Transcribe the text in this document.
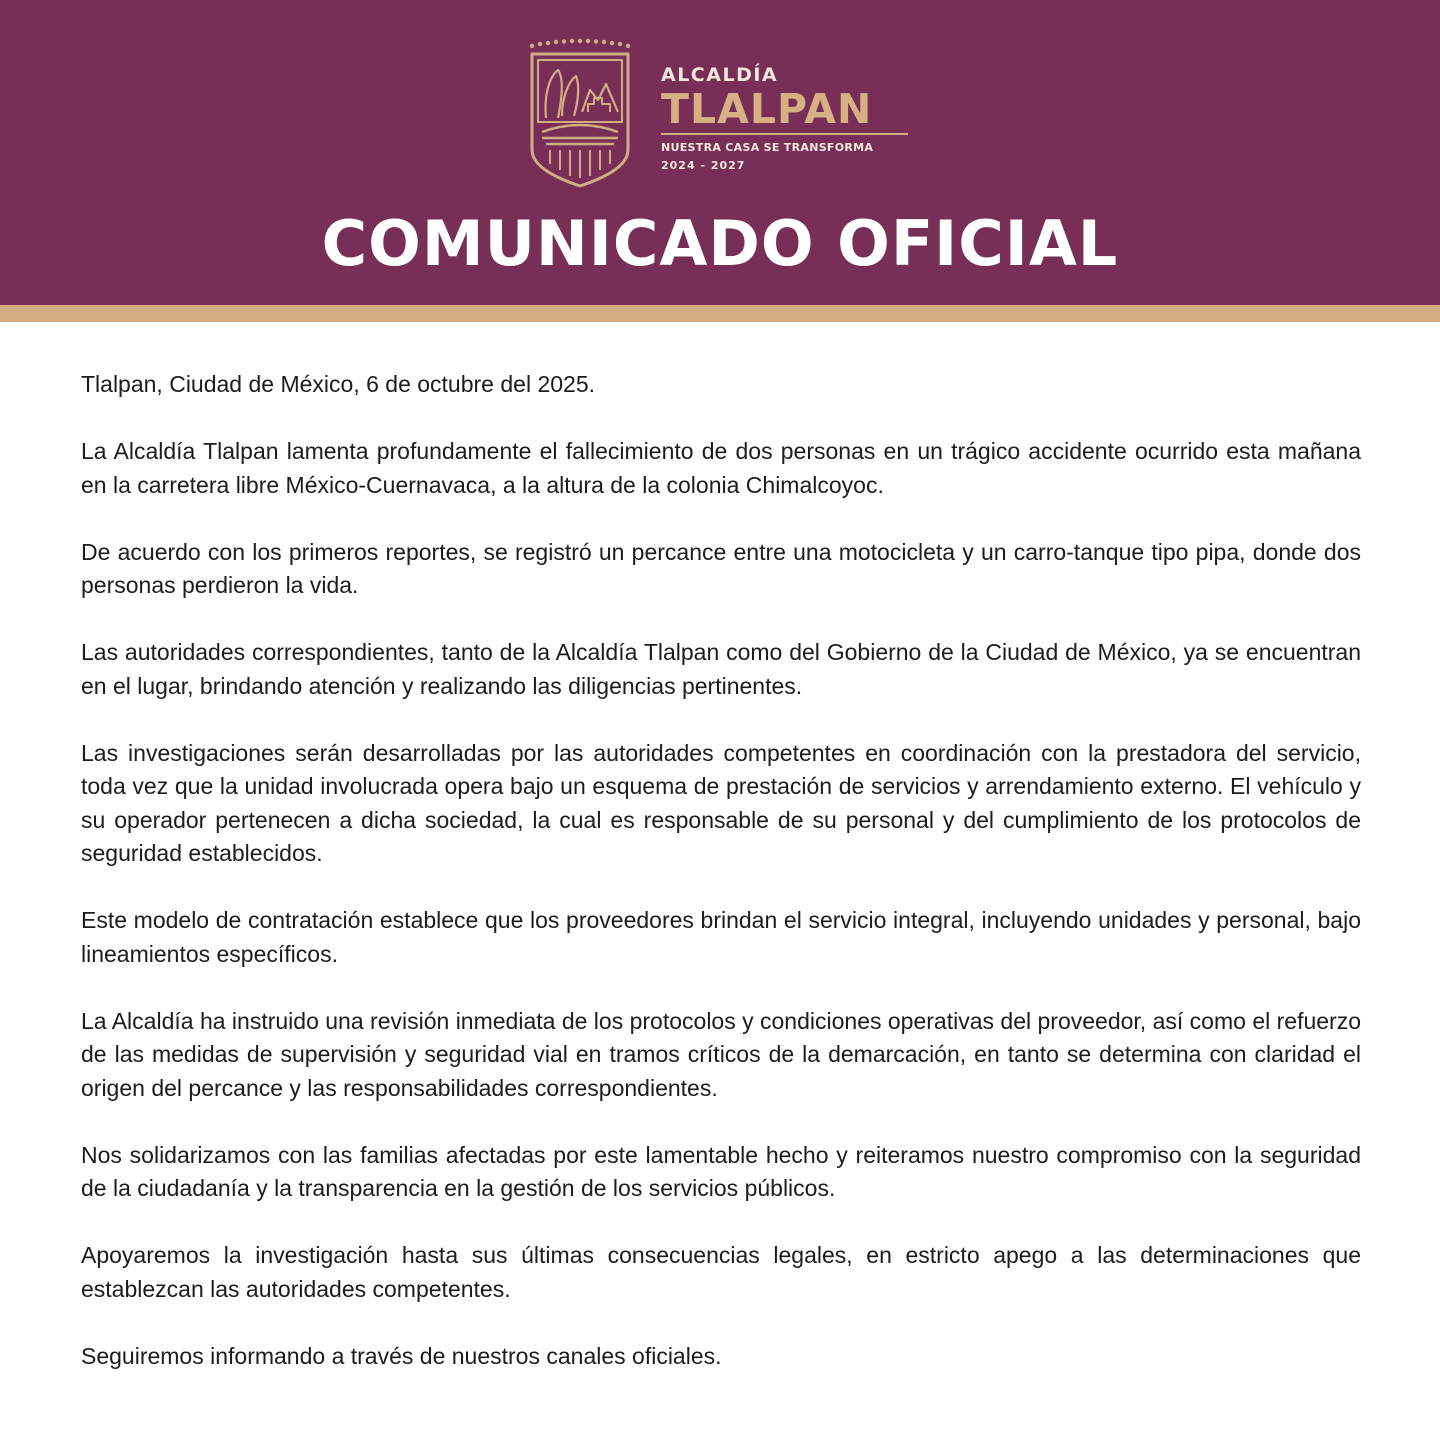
ALCALDÍA
TLALPAN
NUESTRA CASA SE TRANSFORMA
2024 - 2027
COMUNICADO OFICIAL

Tlalpan, Ciudad de México, 6 de octubre del 2025.

La Alcaldía Tlalpan lamenta profundamente el fallecimiento de dos personas en un trágico accidente ocurrido esta mañana en la carretera libre México-Cuernavaca, a la altura de la colonia Chimalcoyoc.

De acuerdo con los primeros reportes, se registró un percance entre una motocicleta y un carro-tanque tipo pipa, donde dos personas perdieron la vida.

Las autoridades correspondientes, tanto de la Alcaldía Tlalpan como del Gobierno de la Ciudad de México, ya se encuentran en el lugar, brindando atención y realizando las diligencias pertinentes.

Las investigaciones serán desarrolladas por las autoridades competentes en coordinación con la prestadora del servicio, toda vez que la unidad involucrada opera bajo un esquema de prestación de servicios y arrendamiento externo. El vehículo y su operador pertenecen a dicha sociedad, la cual es responsable de su personal y del cumplimiento de los protocolos de seguridad establecidos.

Este modelo de contratación establece que los proveedores brindan el servicio integral, incluyendo unidades y personal, bajo lineamientos específicos.

La Alcaldía ha instruido una revisión inmediata de los protocolos y condiciones operativas del proveedor, así como el refuerzo de las medidas de supervisión y seguridad vial en tramos críticos de la demarcación, en tanto se determina con claridad el origen del percance y las responsabilidades correspondientes.

Nos solidarizamos con las familias afectadas por este lamentable hecho y reiteramos nuestro compromiso con la seguridad de la ciudadanía y la transparencia en la gestión de los servicios públicos.

Apoyaremos la investigación hasta sus últimas consecuencias legales, en estricto apego a las determinaciones que establezcan las autoridades competentes.

Seguiremos informando a través de nuestros canales oficiales.
